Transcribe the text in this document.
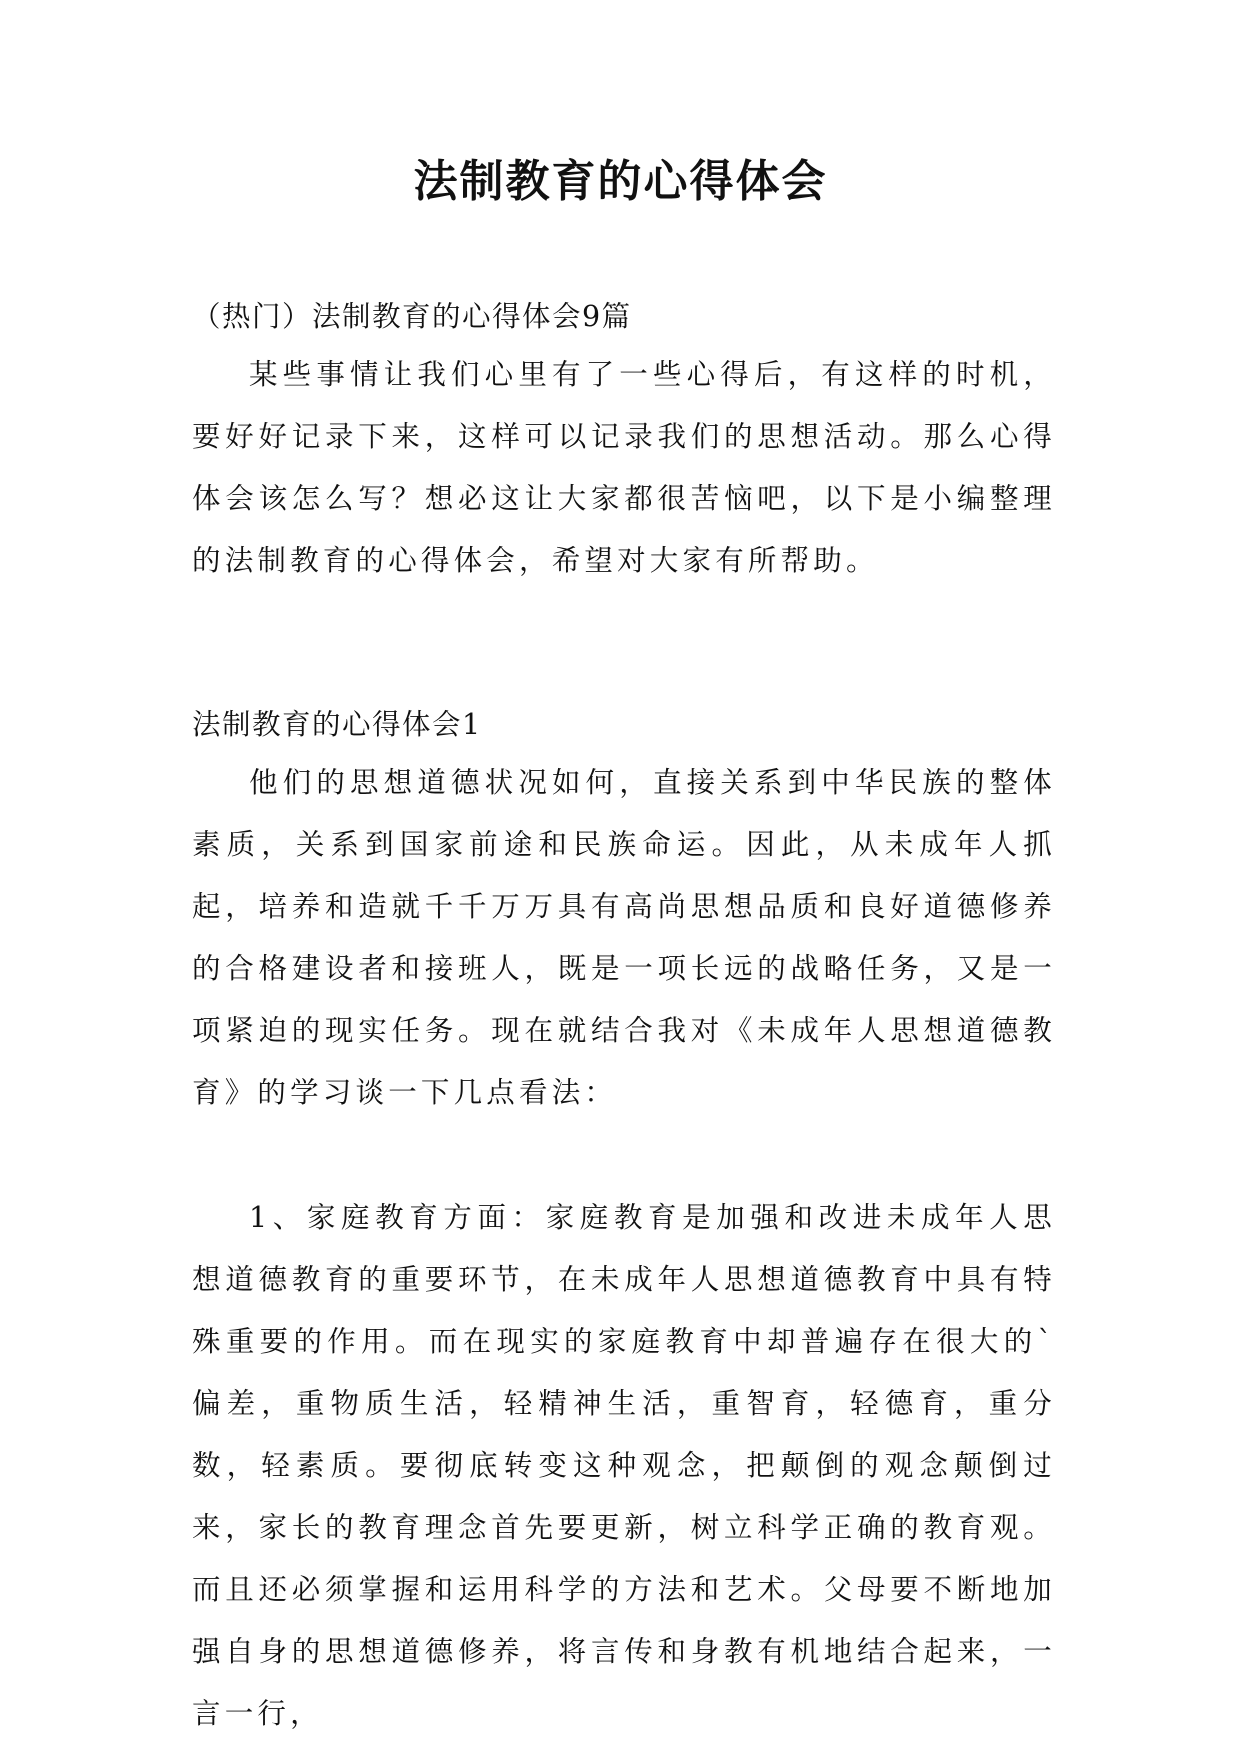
法制教育的心得体会

（热门）法制教育的心得体会9篇

某些事情让我们心里有了一些心得后，有这样的时机，要好好记录下来，这样可以记录我们的思想活动。那么心得体会该怎么写？想必这让大家都很苦恼吧，以下是小编整理的法制教育的心得体会，希望对大家有所帮助。

法制教育的心得体会1

他们的思想道德状况如何，直接关系到中华民族的整体素质，关系到国家前途和民族命运。因此，从未成年人抓起，培养和造就千千万万具有高尚思想品质和良好道德修养的合格建设者和接班人，既是一项长远的战略任务，又是一项紧迫的现实任务。现在就结合我对《未成年人思想道德教育》的学习谈一下几点看法：

1、家庭教育方面：家庭教育是加强和改进未成年人思想道德教育的重要环节，在未成年人思想道德教育中具有特殊重要的作用。而在现实的家庭教育中却普遍存在很大的`偏差，重物质生活，轻精神生活，重智育，轻德育，重分数，轻素质。要彻底转变这种观念，把颠倒的观念颠倒过来，家长的教育理念首先要更新，树立科学正确的教育观。而且还必须掌握和运用科学的方法和艺术。父母要不断地加强自身的思想道德修养，将言传和身教有机地结合起来，一言一行，
